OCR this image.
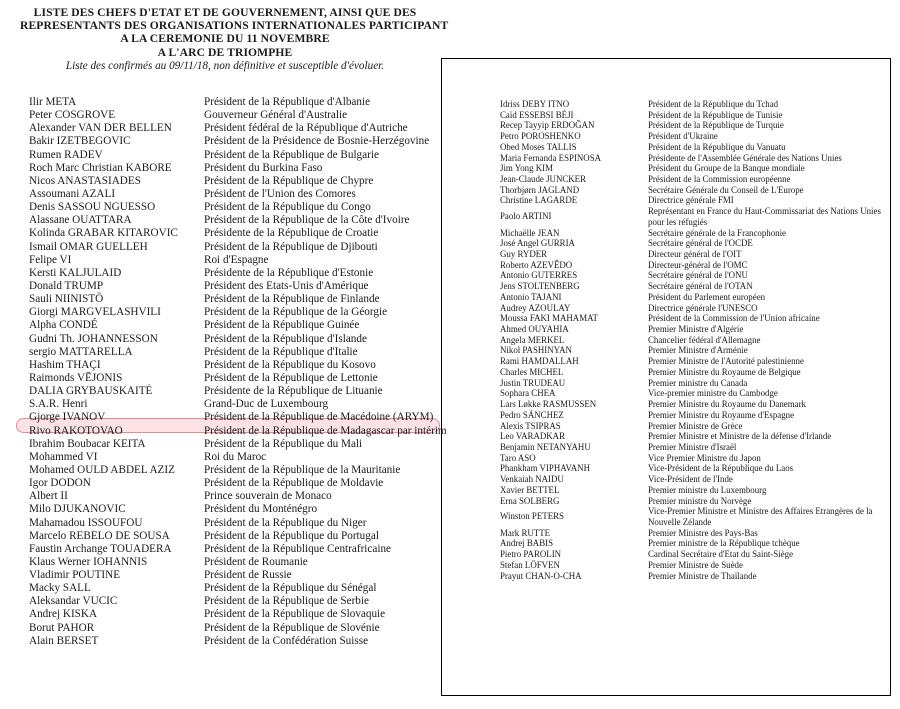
LISTE DES CHEFS D'ETAT ET DE GOUVERNEMENT, AINSI QUE DES
REPRESENTANTS DES ORGANISATIONS INTERNATIONALES PARTICIPANT
A LA CEREMONIE DU 11 NOVEMBRE
A L'ARC DE TRIOMPHE
Liste des confirmés au 09/11/18, non définitive et susceptible d'évoluer.
Ilir META	Président de la République d'Albanie
Peter COSGROVE	Gouverneur Général d'Australie
Alexander VAN DER BELLEN	Président fédéral de la République d'Autriche
Bakir IZETBEGOVIC	Président de la Présidence de Bosnie-Herzégovine
Rumen RADEV	Président de la République de Bulgarie
Roch Marc Christian KABORE	Président du Burkina Faso
Nicos ANASTASIADES	Président de la République de Chypre
Assoumani AZALI	Président de l'Union des Comores
Denis SASSOU NGUESSO	Président de la République du Congo
Alassane OUATTARA	Président de la République de la Côte d'Ivoire
Kolinda GRABAR KITAROVIC Présidente de la République de Croatie
Ismail OMAR GUELLEH	Président de la République de Djibouti
Felipe VI	Roi d'Espagne
Kersti KALJULAID	Présidente de la République d'Estonie
Donald TRUMP	Président des Etats-Unis d'Amérique
Sauli NIINISTÖ	Président de la République de Finlande
Giorgi MARGVELASHVILI	Président de la République de la Géorgie
Alpha CONDÉ	Président de la République Guinée
Gudni Th. JOHANNESSON	Président de la République d'Islande
sergio MATTARELLA	Président de la République d'Italie
Hashim THAÇI	Président de la République du Kosovo
Raimonds VĒJONIS	Président de la République de Lettonie
DALIA GRYBAUSKAITĖ	Présidente de la République de Lituanie
S.A.R. Henri	Grand-Duc de Luxembourg
Gjorge IVANOV	Président de la République de Macédoine (ARYM)
Rivo RAKOTOVAO	Président de la République de Madagascar par intérim
Ibrahim Boubacar KEITA	Président de la République du Mali
Mohammed VI	Roi du Maroc
Mohamed OULD ABDEL AZIZ	Président de la République de la Mauritanie
Igor DODON	Président de la République de Moldavie
Albert II	Prince souverain de Monaco
Milo DJUKANOVIC	Président du Monténégro
Mahamadou ISSOUFOU	Président de la République du Niger
Marcelo REBELO DE SOUSA	Président de la République du Portugal
Faustin Archange TOUADERA	Président de la République Centrafricaine
Klaus Werner IOHANNIS	Président de Roumanie
Vladimir POUTINE	Président de Russie
Macky SALL	Président de la République du Sénégal
Aleksandar VUCIC	Président de la République de Serbie
Andrej KISKA	Président de la République de Slovaquie
Borut PAHOR	Président de la République de Slovénie
Alain BERSET	Président de la Confédération Suisse
Idriss DEBY ITNO	Président de la République du Tchad
Caïd ESSEBSI BÉJI	Président de la République de Tunisie
Recep Tayyip ERDOĞAN	Président de la République de Turquie
Petro POROSHENKO	Président d'Ukraine
Obed Moses TALLIS	Président de la République du Vanuatu
Maria Fernanda ESPINOSA	Présidente de l'Assemblée Générale des Nations Unies
Jim Yong KIM	Président du Groupe de la Banque mondiale
Jean-Claude JUNCKER	Président de la Commission européenne
Thorbjørn JAGLAND	Secrétaire Générale du Conseil de L'Europe
Christine LAGARDE	Directrice générale FMI
Paolo ARTINI	Représentant en France du Haut-Commissariat des Nations Unies pour les réfugiés
Michaëlle JEAN	Secrétaire générale de la Francophonie
José Angel GURRIA	Secrétaire général de l'OCDE
Guy RYDER	Directeur général de l'OIT
Roberto AZEVÊDO	Directeur-général de l'OMC
Antonio GUTERRES	Secrétaire général de l'ONU
Jens STOLTENBERG	Secrétaire général de l'OTAN
Antonio TAJANI	Président du Parlement européen
Audrey AZOULAY	Directrice générale l'UNESCO
Moussa FAKI MAHAMAT	Président de la Commission de l'Union africaine
Ahmed OUYAHIA	Premier Ministre d'Algérie
Angela MERKEL	Chancelier fédéral d'Allemagne
Nikol PASHINYAN	Premier Ministre d'Arménie
Rami HAMDALLAH	Premier Ministre de l'Autorité palestinienne
Charles MICHEL	Premier Ministre du Royaume de Belgique
Justin TRUDEAU	Premier ministre du Canada
Sophara CHEA	Vice-premier ministre du Cambodge
Lars Løkke RASMUSSEN	Premier Ministre du Royaume du Danemark
Pedro SÁNCHEZ	Premier Ministre du Royaume d'Espagne
Alexis TSIPRAS	Premier Ministre de Grèce
Leo VARADKAR	Premier Ministre et Ministre de la défense d'Irlande
Benjamin NETANYAHU	Premier Ministre d'Israël
Taro ASO	Vice Premier Ministre du Japon
Phankham VIPHAVANH	Vice-Président de la République du Laos
Venkaiah NAIDU	Vice-Président de l'Inde
Xavier BETTEL	Premier ministre du Luxembourg
Erna SOLBERG	Premier ministre du Norvège
Winston PETERS	Vice-Premier Ministre et Ministre des Affaires Etrangères de la Nouvelle Zélande
Mark RUTTE	Premier Ministre des Pays-Bas
Andrej BABIS	Premier ministre de la République tchèque
Pietro PAROLIN	Cardinal Secrétaire d'Etat du Saint-Siège
Stefan LÖFVEN	Premier Ministre de Suède
Prayut CHAN-O-CHA	Premier Ministre de Thaïlande
